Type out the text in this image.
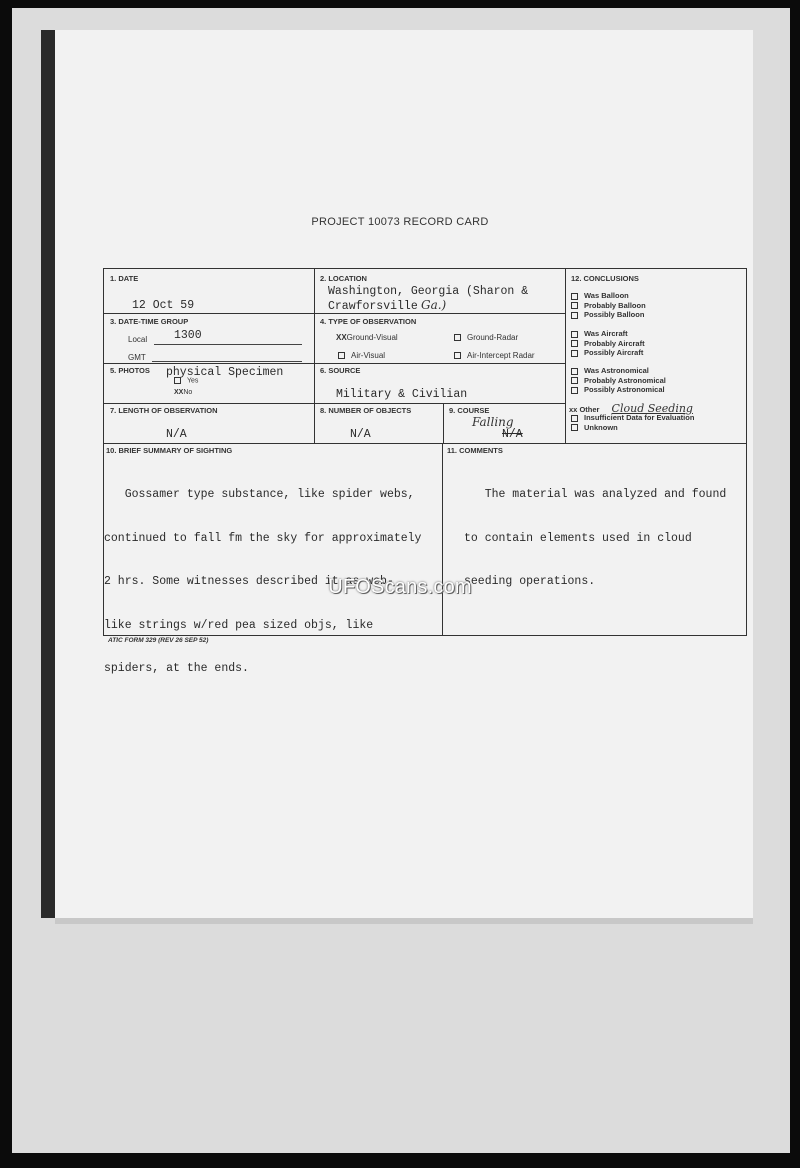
PROJECT 10073 RECORD CARD
1. DATE
12 Oct 59
2. LOCATION
Washington, Georgia (Sharon &
Crawforsville Ga.)
3. DATE-TIME GROUP
Local 1300
GMT
4. TYPE OF OBSERVATION
XXGround-Visual	Ground-Radar
Air-Visual	Air-Intercept Radar
5. PHOTOS physical Specimen
Yes
XXNo
6. SOURCE
Military & Civilian
7. LENGTH OF OBSERVATION
N/A
8. NUMBER OF OBJECTS
N/A
9. COURSE
Falling
N/A
12. CONCLUSIONS
Was Balloon
Probably Balloon
Possibly Balloon
Was Aircraft
Probably Aircraft
Possibly Aircraft
Was Astronomical
Probably Astronomical
Possibly Astronomical
xx Other Cloud Seeding
Insufficient Data for Evaluation
Unknown
10. BRIEF SUMMARY OF SIGHTING

Gossamer type substance, like spider webs,

continued to fall fm the sky for approximately

2 hrs. Some witnesses described it as web-

like strings w/red pea sized objs, like

spiders, at the ends.

11. COMMENTS

The material was analyzed and found

to contain elements used in cloud

seeding operations.

ATIC FORM 329 (REV 26 SEP 52)
UFOScans.com
